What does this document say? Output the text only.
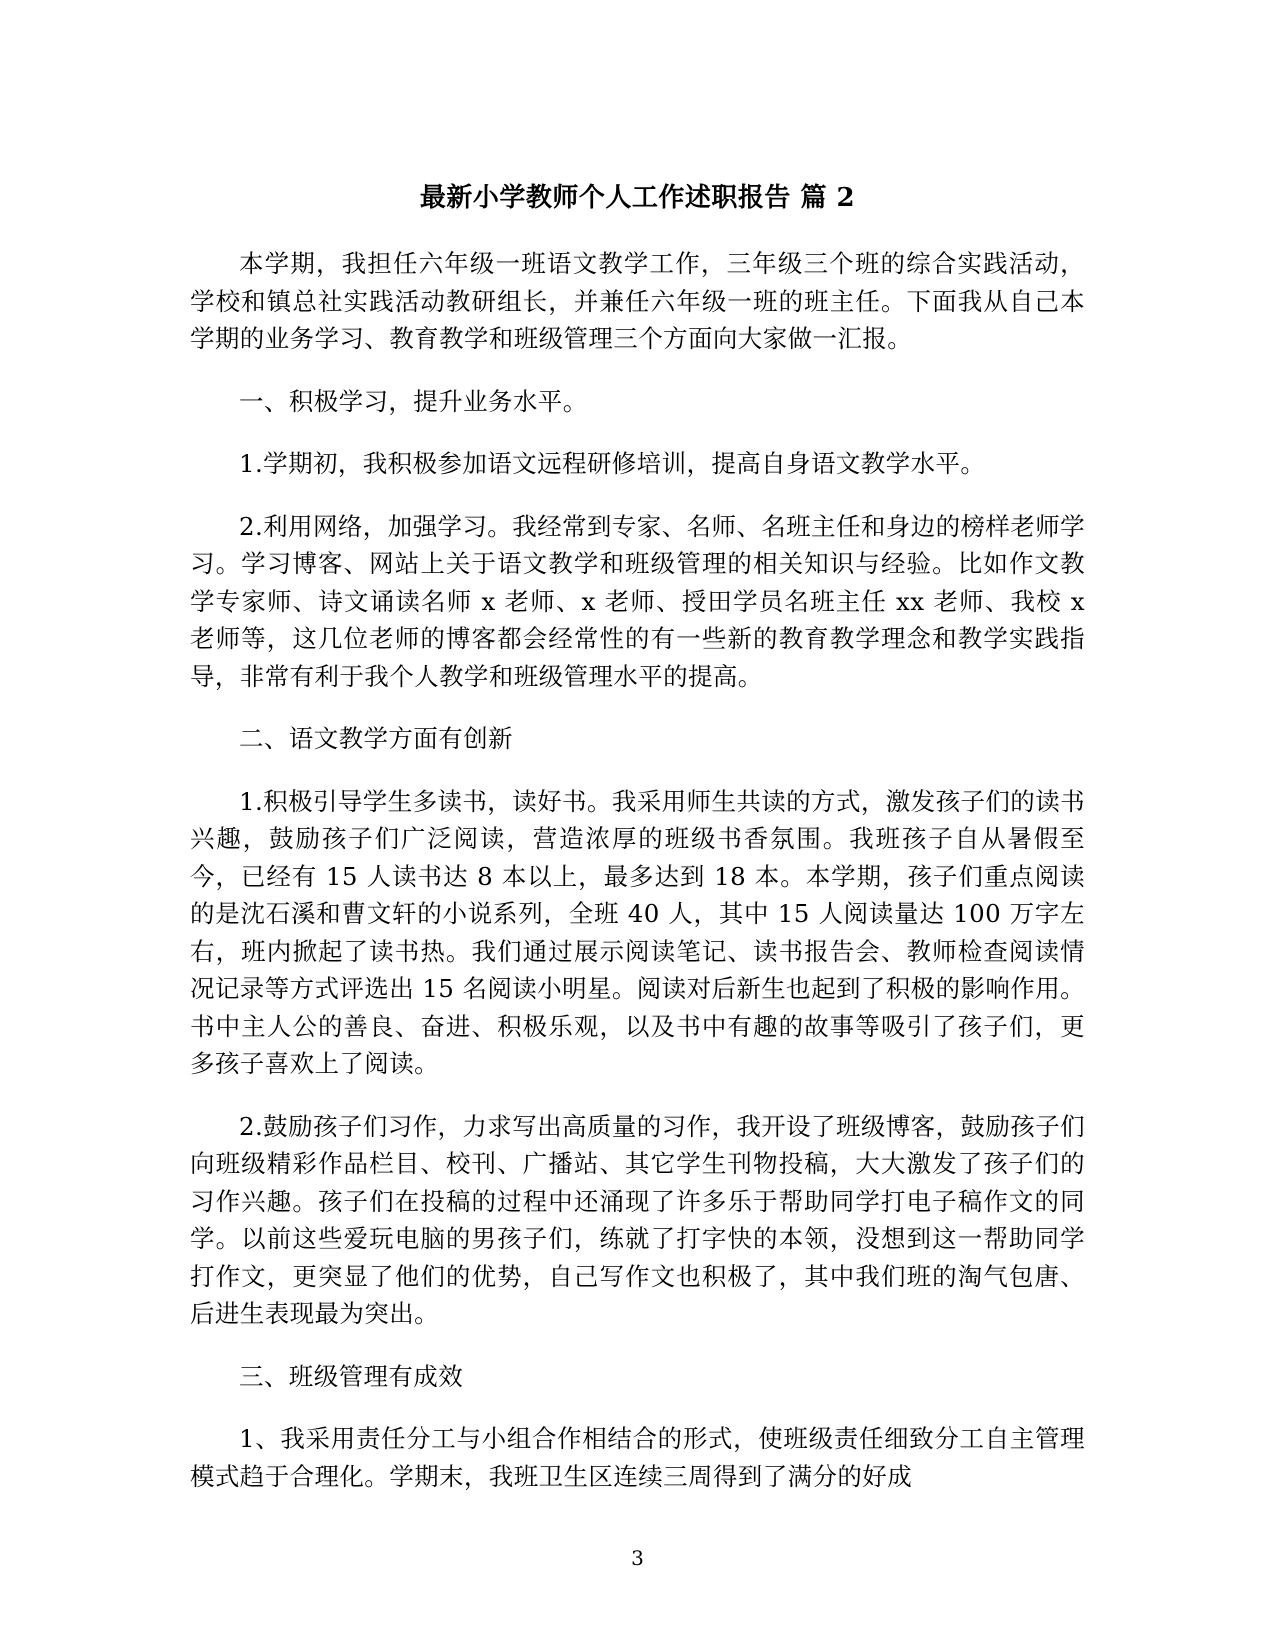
最新小学教师个人工作述职报告 篇 2

本学期，我担任六年级一班语文教学工作，三年级三个班的综合实践活动，学校和镇总社实践活动教研组长，并兼任六年级一班的班主任。下面我从自己本学期的业务学习、教育教学和班级管理三个方面向大家做一汇报。

一、积极学习，提升业务水平。

1.学期初，我积极参加语文远程研修培训，提高自身语文教学水平。

2.利用网络，加强学习。我经常到专家、名师、名班主任和身边的榜样老师学习。学习博客、网站上关于语文教学和班级管理的相关知识与经验。比如作文教学专家师、诗文诵读名师 x 老师、x 老师、授田学员名班主任 xx 老师、我校 x 老师等，这几位老师的博客都会经常性的有一些新的教育教学理念和教学实践指导，非常有利于我个人教学和班级管理水平的提高。

二、语文教学方面有创新

1.积极引导学生多读书，读好书。我采用师生共读的方式，激发孩子们的读书兴趣，鼓励孩子们广泛阅读，营造浓厚的班级书香氛围。我班孩子自从暑假至今，已经有 15 人读书达 8 本以上，最多达到 18 本。本学期，孩子们重点阅读的是沈石溪和曹文轩的小说系列，全班 40 人，其中 15 人阅读量达 100 万字左右，班内掀起了读书热。我们通过展示阅读笔记、读书报告会、教师检查阅读情况记录等方式评选出 15 名阅读小明星。阅读对后新生也起到了积极的影响作用。书中主人公的善良、奋进、积极乐观，以及书中有趣的故事等吸引了孩子们，更多孩子喜欢上了阅读。

2.鼓励孩子们习作，力求写出高质量的习作，我开设了班级博客，鼓励孩子们向班级精彩作品栏目、校刊、广播站、其它学生刊物投稿，大大激发了孩子们的习作兴趣。孩子们在投稿的过程中还涌现了许多乐于帮助同学打电子稿作文的同学。以前这些爱玩电脑的男孩子们，练就了打字快的本领，没想到这一帮助同学打作文，更突显了他们的优势，自己写作文也积极了，其中我们班的淘气包唐、后进生表现最为突出。

三、班级管理有成效

1、我采用责任分工与小组合作相结合的形式，使班级责任细致分工自主管理模式趋于合理化。学期末，我班卫生区连续三周得到了满分的好成

3
